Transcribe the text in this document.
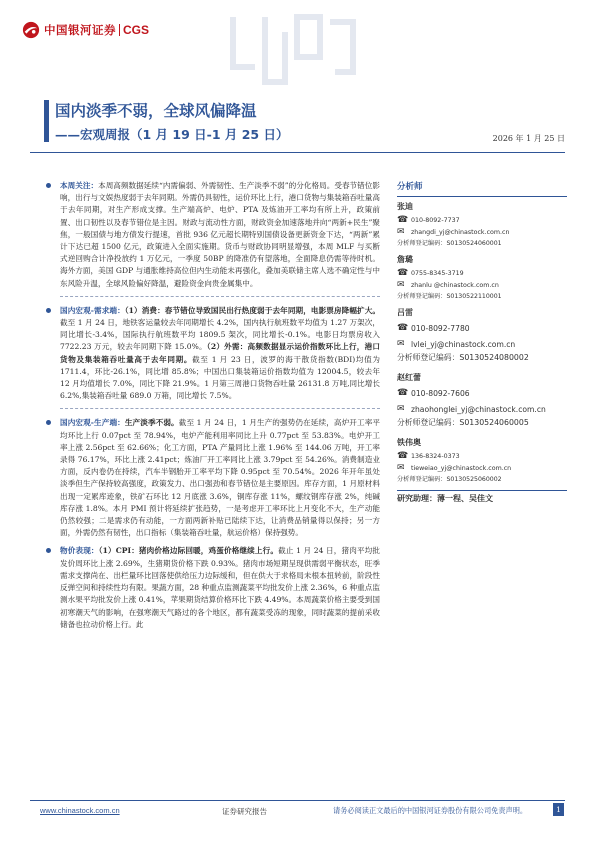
中国银河证券 CGS
国内淡季不弱，全球风偏降温
——宏观周报（1 月 19 日-1 月 25 日）	2026 年 1 月 25 日

本周关注：本周高频数据延续“内需偏弱、外需韧性、生产淡季不弱”的分化格局。受春节错位影响，出行与文娱热度弱于去年同期。外需仍具韧性，运价环比上行，港口货物与集装箱吞吐量高于去年同期，对生产形成支撑。生产端高炉、电炉、PTA 及炼油开工率均有所上升，政策前置、出口韧性以及春节错位是主因。财政与流动性方面，财政资金加速落地并向“两新+民生”聚焦，一般国债与地方债发行提速，首批 936 亿元超长期特别国债设备更新资金下达，“两新”累计下达已超 1500 亿元，政策进入全面实施期。货币与财政协同明显增强，本周 MLF 与买断式逆回购合计净投放约 1 万亿元，一季度 50BP 的降准仍有望落地，全面降息仍需等待时机。海外方面，美国 GDP 与通胀维持高位但内生动能未再强化，叠加美联储主席人选不确定性与中东风险升温，全球风险偏好降温，避险资金向贵金属集中。

国内宏观-需求端：（1）消费：春节错位导致国民出行热度弱于去年同期，电影票房降幅扩大。截至 1 月 24 日，地铁客运量较去年同期增长 4.2%，国内执行航班数平均值为 1.27 万架次，同比增长-3.4%，国际执行航班数平均 1809.5 架次，同比增长-0.1%。电影日均票房收入 7722.23 万元，较去年同期下降 15.0%。（2）外需：高频数据显示运价指数环比上行，港口货物及集装箱吞吐量高于去年同期。截至 1 月 23 日，波罗的海干散货指数(BDI)均值为 1711.4，环比-26.1%，同比增 85.8%；中国出口集装箱运价指数均值为 12004.5，较去年 12 月均值增长 7.0%，同比下降 21.9%。1 月第三周港口货物吞吐量 26131.8 万吨,同比增长 6.2%,集装箱吞吐量 689.0 万箱，同比增长 7.5%。

国内宏观-生产端：生产淡季不弱。截至 1 月 24 日，1 月生产的强势仍在延续，高炉开工率平均环比上行 0.07pct 至 78.94%，电炉产能利用率同比上升 0.77pct 至 53.83%。电炉开工率上涨 2.56pct 至 62.66%；化工方面，PTA 产量同比上涨 1.96% 至 144.06 万吨，开工率录得 76.17%，环比上涨 2.41pct；炼油厂开工率同比上涨 3.79pct 至 54.26%。消费制造业方面，反内卷仍在持续，汽车半钢胎开工率平均下降 0.95pct 至 70.54%。2026 年开年虽处淡季但生产保持较高强度，政策发力、出口强劲和春节错位是主要原因。库存方面，1 月原材料出现一定累库迹象，铁矿石环比 12 月底涨 3.6%，铜库存涨 11%，螺纹钢库存涨 2%，纯碱库存涨 1.8%。本月 PMI 预计将延续扩张趋势，一是考虑开工率环比上月变化不大，生产动能仍然较强；二是需求仍有动能，一方面两新补贴已陆续下达，让消费品销量得以保持；另一方面，外需仍然有韧性，出口指标（集装箱吞吐量，航运价格）保持强势。

物价表现：（1）CPI：猪肉价格边际回暖，鸡蛋价格继续上行。截止 1 月 24 日，猪肉平均批发价周环比上涨 2.69%，生猪期货价格下跌 0.93%。猪肉市场短期呈现供需弱平衡状态，旺季需求支撑尚在、出栏量环比回落使供给压力边际缓和，但在供大于求格局未根本扭转前，阶段性反弹空间和持续性均有限。果蔬方面，28 种重点监测蔬菜平均批发价上涨 2.36%，6 种重点监测水果平均批发价上涨 0.41%，苹果期货结算价格环比下跌 4.49%。本周蔬菜价格主要受到国初寒潮天气的影响，在强寒潮天气路过的各个地区，都有蔬菜受冻的现象，同时蔬菜的提前采收储备也拉动价格上行。此

分析师
张迪
☎ 010-8092-7737
✉	zhangdi_yj@chinastock.com.cn
分析师登记编码：S0130524060001
詹璐
☎ 0755-8345-3719
✉	zhanlu @chinastock.com.cn
分析师登记编码：S0130522110001
吕雷
☎ 010-8092-7780
✉ lvlei_yj@chinastock.com.cn
分析师登记编码：S0130524080002
赵红蕾
☎ 010-8092-7606
✉ zhaohonglei_yj@chinastock.com.cn
分析师登记编码：S0130524060005
铁伟奥
☎ 136-8324-0373
✉	tieweiao_yj@chinastock.com.cn
分析师登记编码：S0130525060002
研究助理：薄一程、吴佳文
www.chinastock.com.cn	证券研究报告	请务必阅读正文最后的中国银河证券股份有限公司免责声明。	1
